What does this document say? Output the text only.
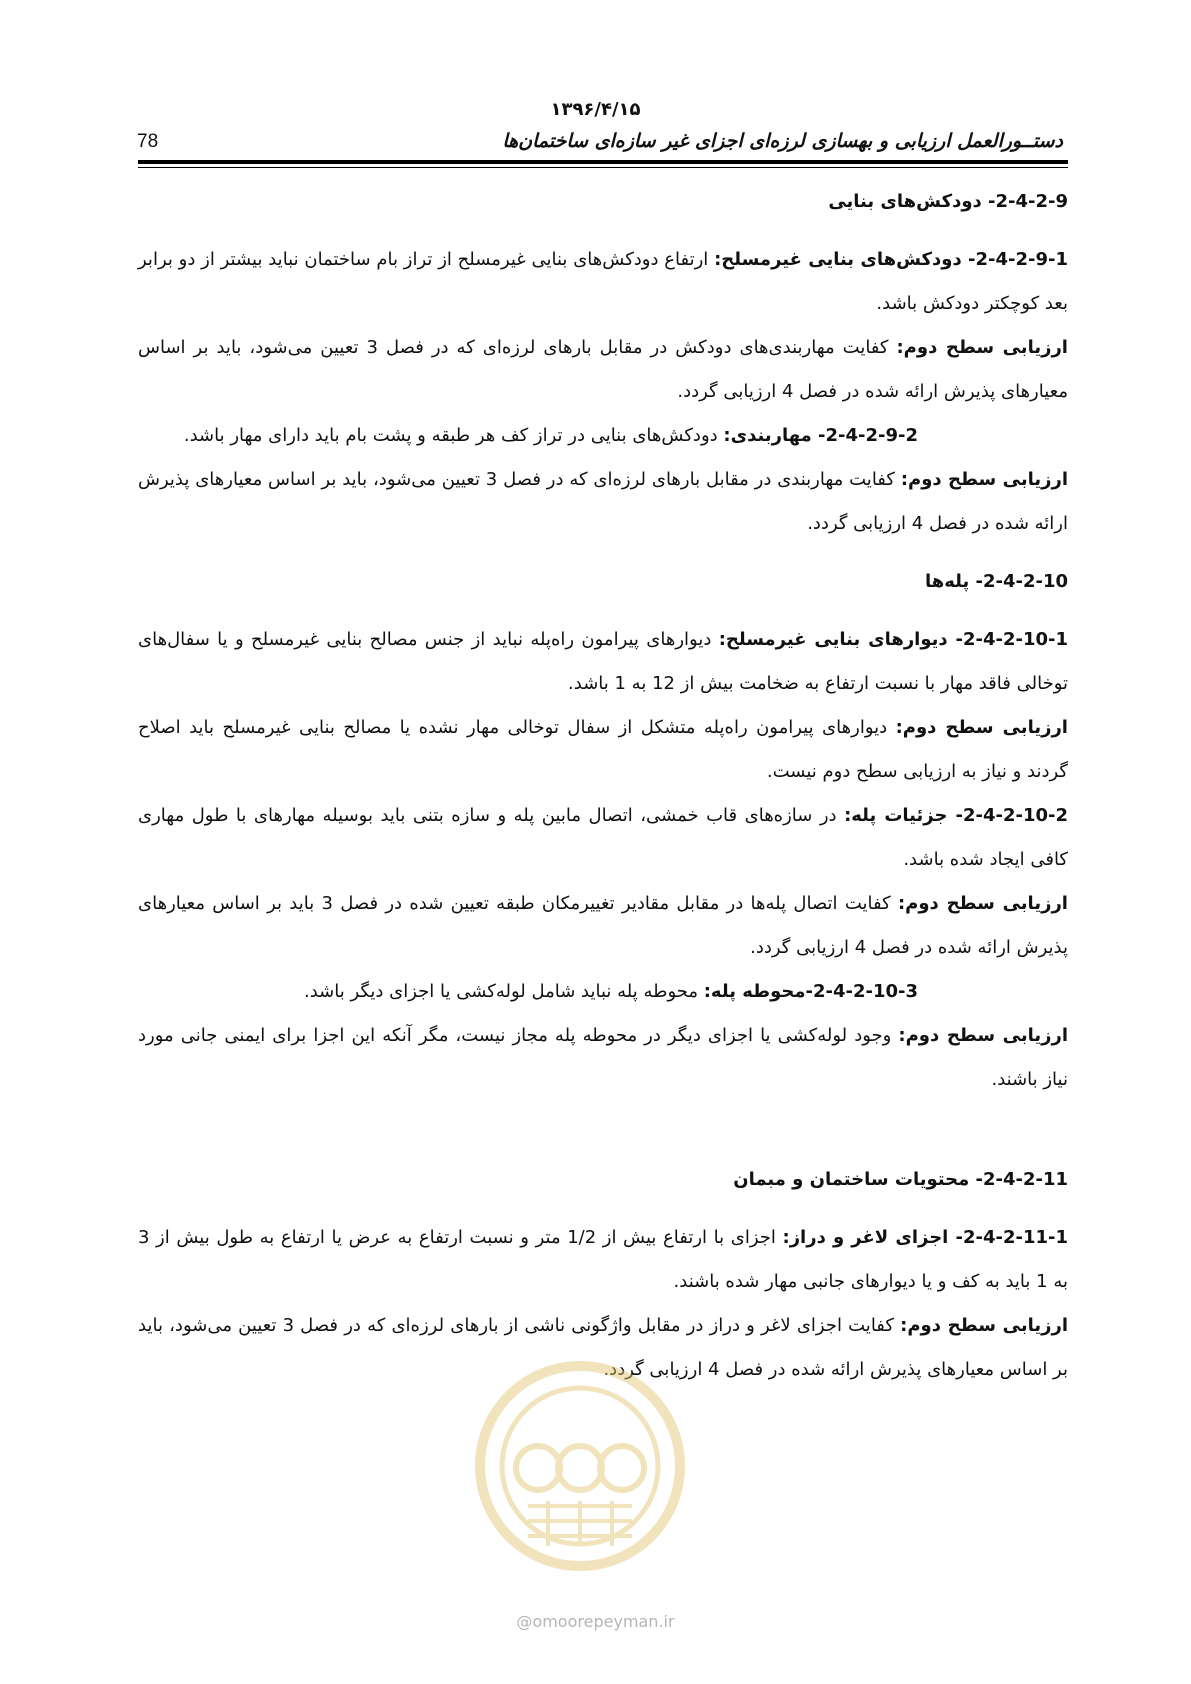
۱۳۹۶/۴/۱۵
دستــورالعمل ارزیابی و بهسازی لرزه‌ای اجزای غیر سازه‌ای ساختمان‌ها
78

2-4-2-9- دودکش‌های بنایی

2-4-2-9-1- دودکش‌های بنایی غیرمسلح: ارتفاع دودکش‌های بنایی غیرمسلح از تراز بام ساختمان نباید بیشتر از دو برابر بعد کوچکتر دودکش باشد.

ارزیابی سطح دوم: کفایت مهاربندی‌های دودکش در مقابل بارهای لرزه‌ای که در فصل 3 تعیین می‌شود، باید بر اساس معیارهای پذیرش ارائه شده در فصل 4 ارزیابی گردد.

2-4-2-9-2- مهاربندی: دودکش‌های بنایی در تراز کف هر طبقه و پشت بام باید دارای مهار باشد.

ارزیابی سطح دوم: کفایت مهاربندی در مقابل بارهای لرزه‌ای که در فصل 3 تعیین می‌شود، باید بر اساس معیارهای پذیرش ارائه شده در فصل 4 ارزیابی گردد.

2-4-2-10- پله‌ها

2-4-2-10-1- دیوارهای بنایی غیرمسلح: دیوارهای پیرامون راه‌پله نباید از جنس مصالح بنایی غیرمسلح و یا سفال‌های توخالی فاقد مهار با نسبت ارتفاع به ضخامت بیش از 12 به 1 باشد.

ارزیابی سطح دوم: دیوارهای پیرامون راه‌پله متشکل از سفال توخالی مهار نشده یا مصالح بنایی غیرمسلح باید اصلاح گردند و نیاز به ارزیابی سطح دوم نیست.

2-4-2-10-2- جزئیات پله: در سازه‌های قاب خمشی، اتصال مابین پله و سازه بتنی باید بوسیله مهارهای با طول مهاری کافی ایجاد شده باشد.

ارزیابی سطح دوم: کفایت اتصال پله‌ها در مقابل مقادیر تغییرمکان طبقه تعیین شده در فصل 3 باید بر اساس معیارهای پذیرش ارائه شده در فصل 4 ارزیابی گردد.

2-4-2-10-3-محوطه پله: محوطه پله نباید شامل لوله‌کشی یا اجزای دیگر باشد.

ارزیابی سطح دوم: وجود لوله‌کشی یا اجزای دیگر در محوطه پله مجاز نیست، مگر آنکه این اجزا برای ایمنی جانی مورد نیاز باشند.

2-4-2-11- محتویات ساختمان و مبمان

2-4-2-11-1- اجزای لاغر و دراز: اجزای با ارتفاع بیش از 1/2 متر و نسبت ارتفاع به عرض یا ارتفاع به طول بیش از 3 به 1 باید به کف و یا دیوارهای جانبی مهار شده باشند.

ارزیابی سطح دوم: کفایت اجزای لاغر و دراز در مقابل واژگونی ناشی از بارهای لرزه‌ای که در فصل 3 تعیین می‌شود، باید بر اساس معیارهای پذیرش ارائه شده در فصل 4 ارزیابی گردد.

@omoorepeyman.ir
